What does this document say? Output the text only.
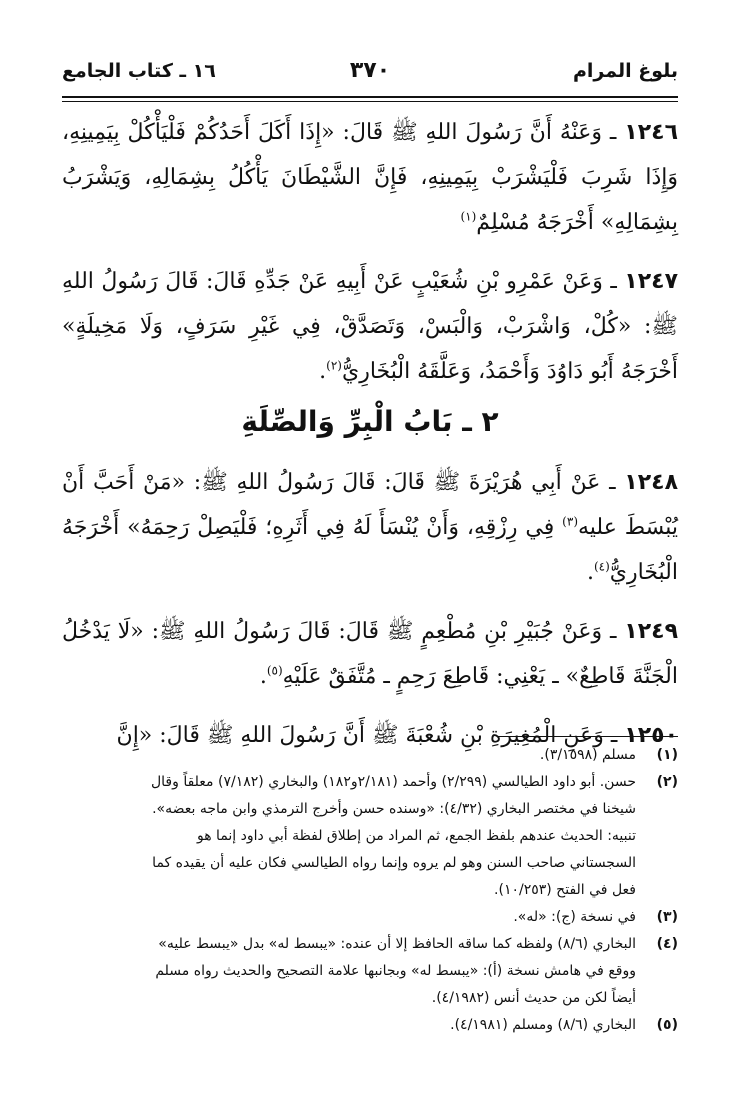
بلوغ المرام
٣٧٠
١٦ ـ كتاب الجامع

١٢٤٦ ـ وَعَنْهُ أَنَّ رَسُولَ اللهِ ﷺ قَالَ: «إِذَا أَكَلَ أَحَدُكُمْ فَلْيَأْكُلْ بِيَمِينِهِ، وَإِذَا شَرِبَ فَلْيَشْرَبْ بِيَمِينِهِ، فَإِنَّ الشَّيْطَانَ يَأْكُلُ بِشِمَالِهِ، وَيَشْرَبُ بِشِمَالِهِ» أَخْرَجَهُ مُسْلِمٌ$^{(١)}$

١٢٤٧ ـ وَعَنْ عَمْرِو بْنِ شُعَيْبٍ عَنْ أَبِيهِ عَنْ جَدِّهِ قَالَ: قَالَ رَسُولُ اللهِ ﷺ: «كُلْ، وَاشْرَبْ، وَالْبَسْ، وَتَصَدَّقْ، فِي غَيْرِ سَرَفٍ، وَلَا مَخِيلَةٍ» أَخْرَجَهُ أَبُو دَاوُدَ وَأَحْمَدُ، وَعَلَّقَهُ الْبُخَارِيُّ$^{(٢)}$.

٢ ـ بَابُ الْبِرِّ وَالصِّلَةِ

١٢٤٨ ـ عَنْ أَبِي هُرَيْرَةَ ﷺ قَالَ: قَالَ رَسُولُ اللهِ ﷺ: «مَنْ أَحَبَّ أَنْ يُبْسَطَ عليه$^{(٣)}$ فِي رِزْقِهِ، وَأَنْ يُنْسَأَ لَهُ فِي أَثَرِهِ؛ فَلْيَصِلْ رَحِمَهُ» أَخْرَجَهُ الْبُخَارِيُّ$^{(٤)}$.

١٢٤٩ ـ وَعَنْ جُبَيْرِ بْنِ مُطْعِمٍ ﷺ قَالَ: قَالَ رَسُولُ اللهِ ﷺ: «لَا يَدْخُلُ الْجَنَّةَ قَاطِعٌ» ـ يَعْنِي: قَاطِعَ رَحِمٍ ـ مُتَّفَقٌ عَلَيْهِ$^{(٥)}$.

١٢٥٠ ـ وَعَنِ الْمُغِيرَةِ بْنِ شُعْبَةَ ﷺ أَنَّ رَسُولَ اللهِ ﷺ قَالَ: «إِنَّ

(١)
مسلم (٣/١٥٩٨).

(٢)
حسن. أبو داود الطيالسي (٢/٢٩٩) وأحمد (٢/١٨١و١٨٢) والبخاري (٧/١٨٢) معلقاً وقال
شيخنا في مختصر البخاري (٤/٣٢): «وسنده حسن وأخرج الترمذي وابن ماجه بعضه».
تنبيه: الحديث عندهم بلفظ الجمع، ثم المراد من إطلاق لفظة أبي داود إنما هو
السجستاني صاحب السنن وهو لم يروه وإنما رواه الطيالسي فكان عليه أن يقيده كما
فعل في الفتح (١٠/٢٥٣).

(٣)
في نسخة (ج): «له».

(٤)
البخاري (٨/٦) ولفظه كما ساقه الحافظ إلا أن عنده: «يبسط له» بدل «يبسط عليه»
ووقع في هامش نسخة (أ): «يبسط له» وبجانبها علامة التصحيح والحديث رواه مسلم
أيضاً لكن من حديث أنس (٤/١٩٨٢).

(٥)
البخاري (٨/٦) ومسلم (٤/١٩٨١).
